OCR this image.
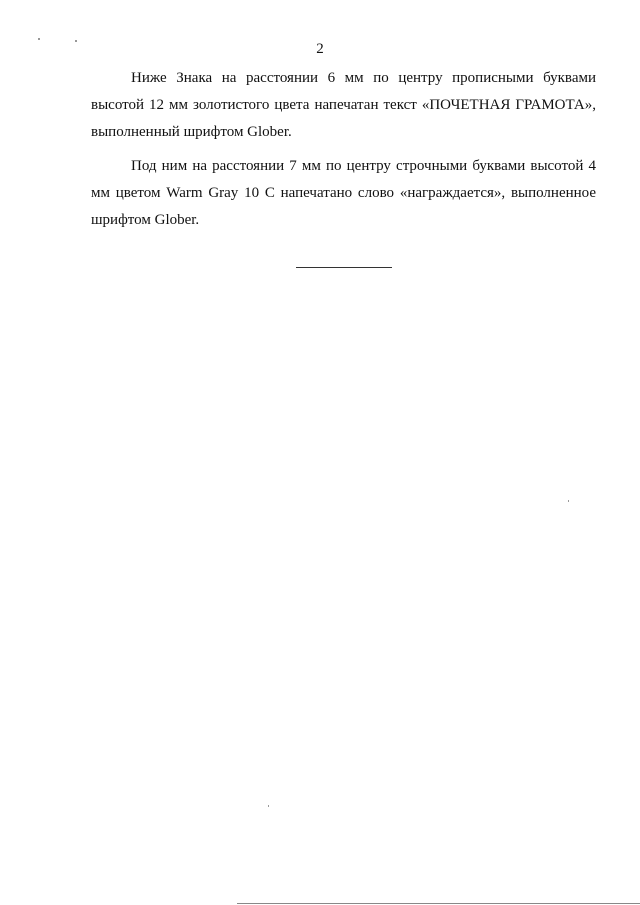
2

Ниже Знака на расстоянии 6 мм по центру прописными буквами высотой 12 мм золотистого цвета напечатан текст «ПОЧЕТНАЯ ГРАМОТА», выполненный шрифтом Glober.

Под ним на расстоянии 7 мм по центру строчными буквами высотой 4 мм цветом Warm Gray 10 C напечатано слово «награждается», выполненное шрифтом Glober.
